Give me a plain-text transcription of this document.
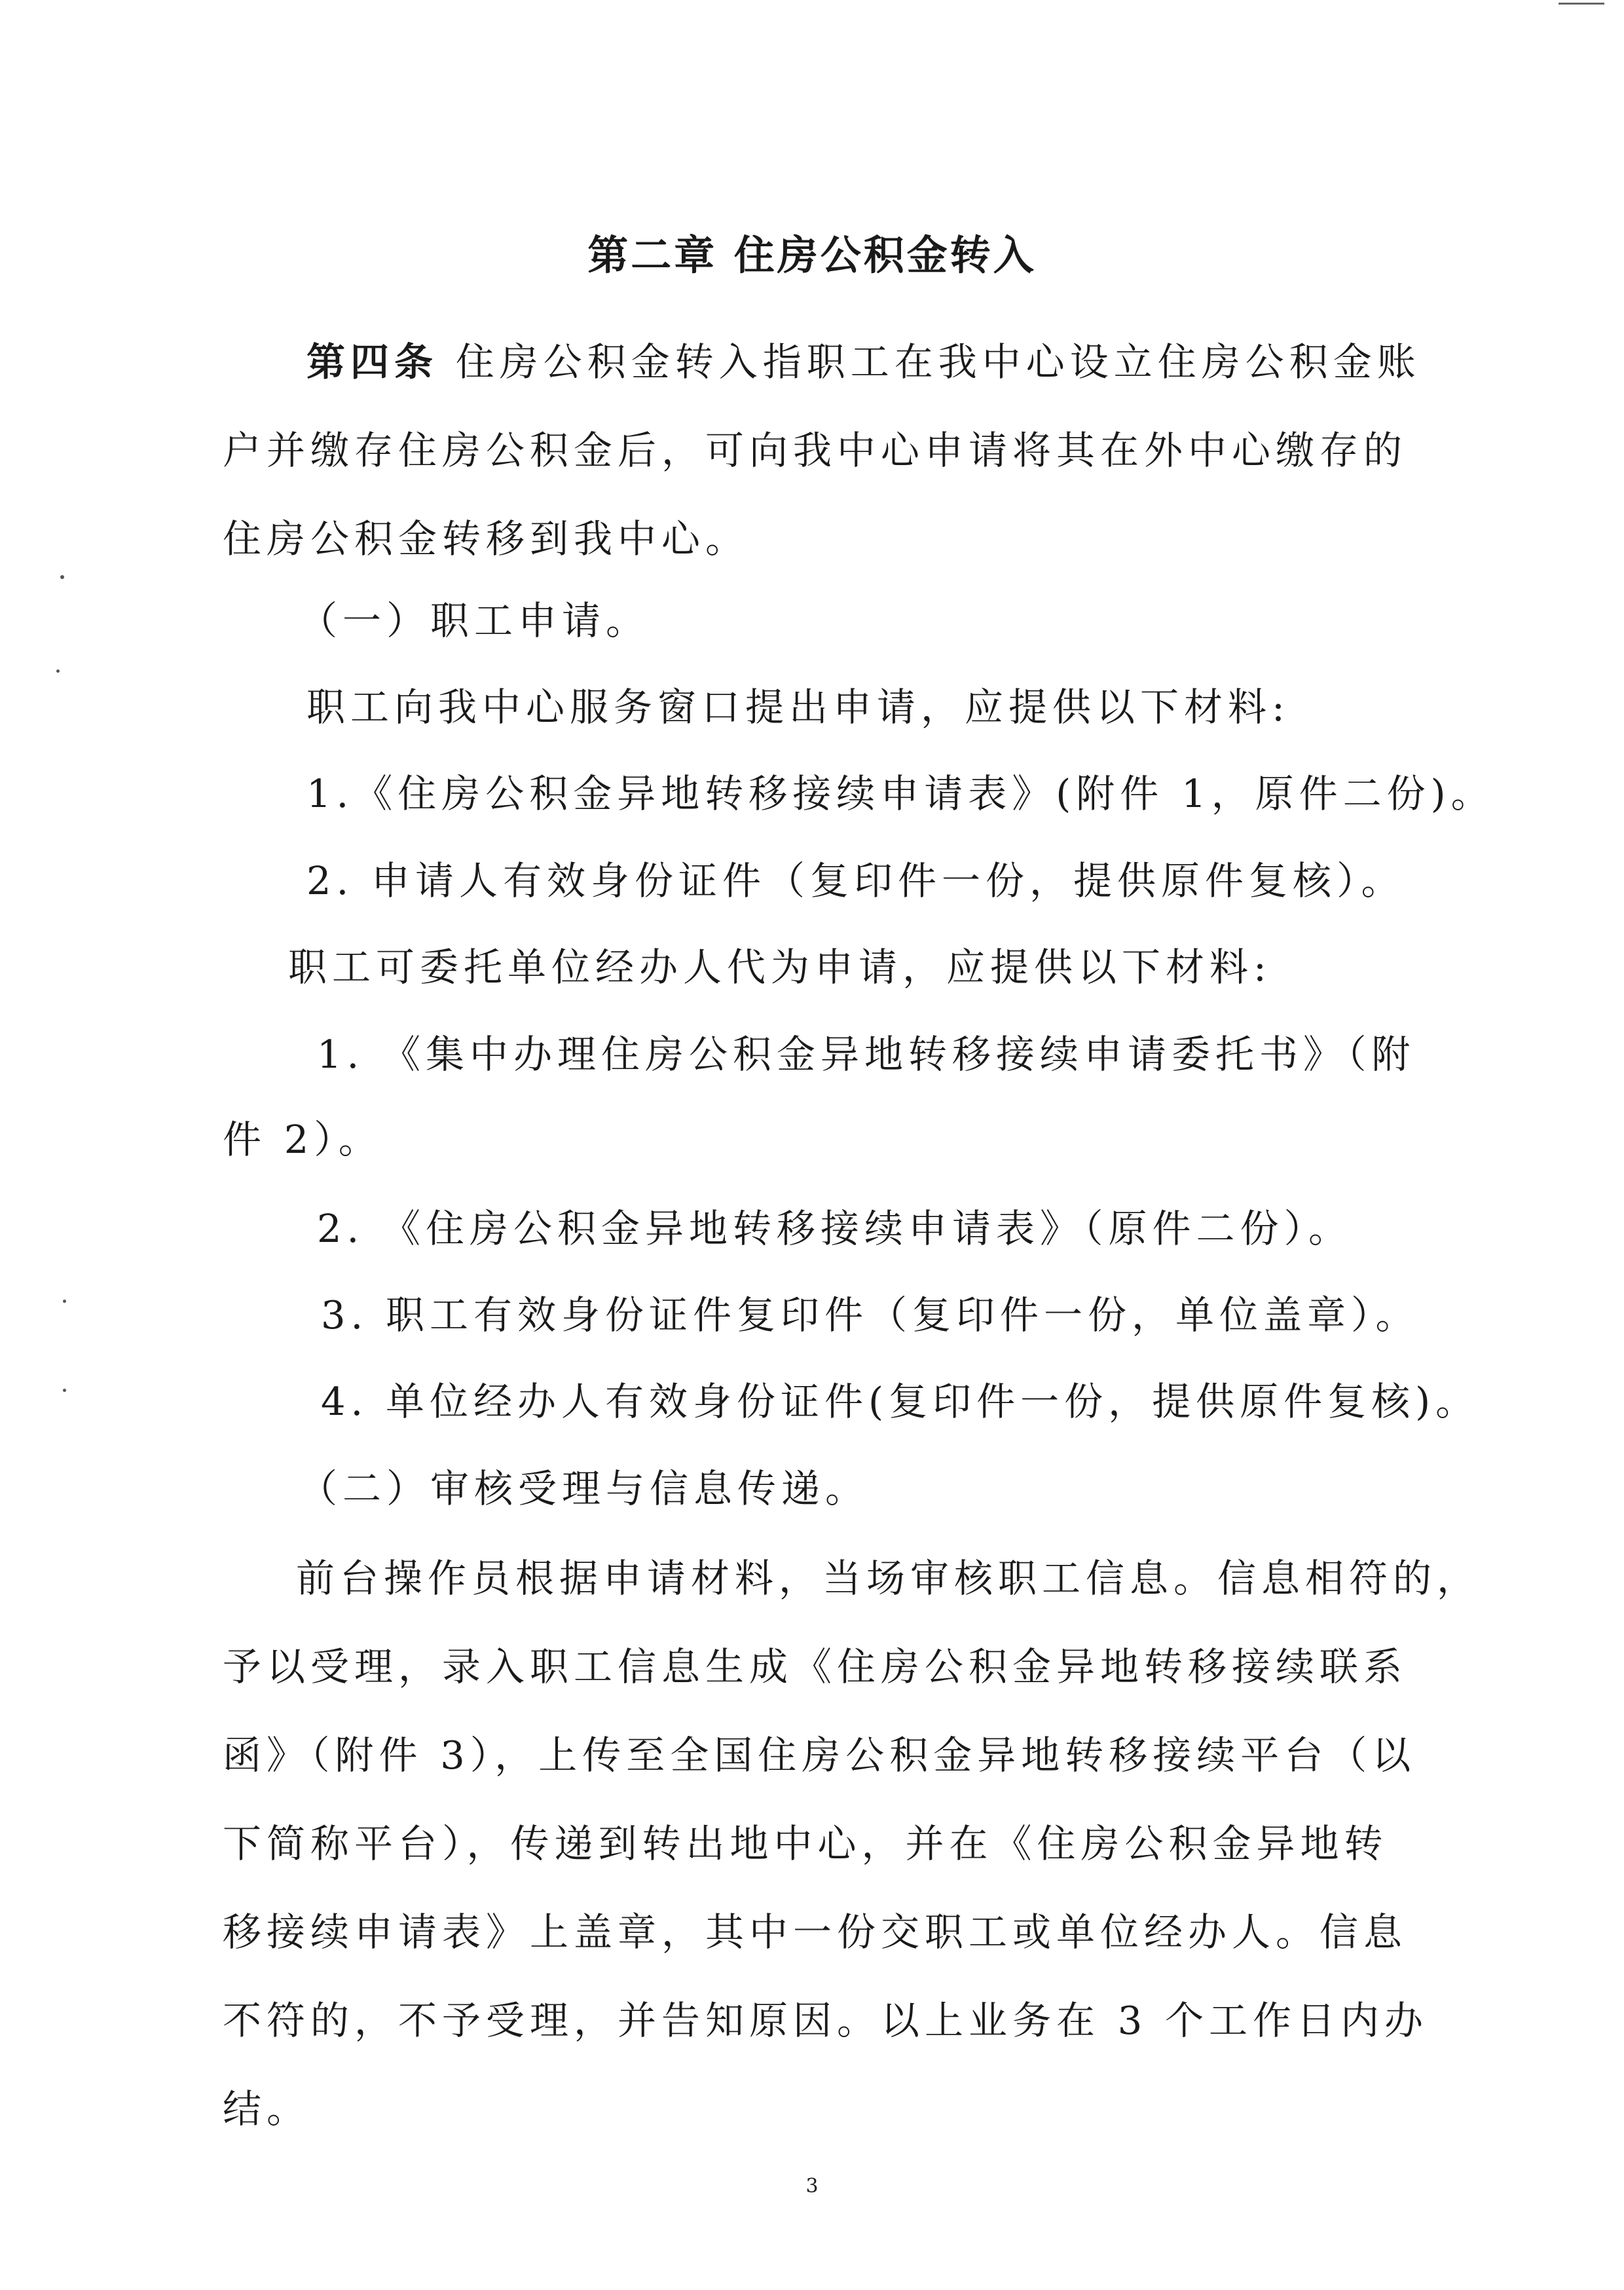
第二章 住房公积金转入
第四条 住房公积金转入指职工在我中心设立住房公积金账
户并缴存住房公积金后，可向我中心申请将其在外中心缴存的
住房公积金转移到我中心。
（一）职工申请。
职工向我中心服务窗口提出申请，应提供以下材料:
1.《住房公积金异地转移接续申请表》(附件 1，原件二份)。
2. 申请人有效身份证件（复印件一份，提供原件复核）。
职工可委托单位经办人代为申请，应提供以下材料:
1. 《集中办理住房公积金异地转移接续申请委托书》（附
件 2）。
2. 《住房公积金异地转移接续申请表》（原件二份）。
3. 职工有效身份证件复印件（复印件一份，单位盖章）。
4. 单位经办人有效身份证件(复印件一份，提供原件复核)。
（二）审核受理与信息传递。
前台操作员根据申请材料，当场审核职工信息。信息相符的，
予以受理，录入职工信息生成《住房公积金异地转移接续联系
函》（附件 3），上传至全国住房公积金异地转移接续平台（以
下简称平台），传递到转出地中心，并在《住房公积金异地转
移接续申请表》上盖章，其中一份交职工或单位经办人。信息
不符的，不予受理，并告知原因。以上业务在 3 个工作日内办
结。
3
